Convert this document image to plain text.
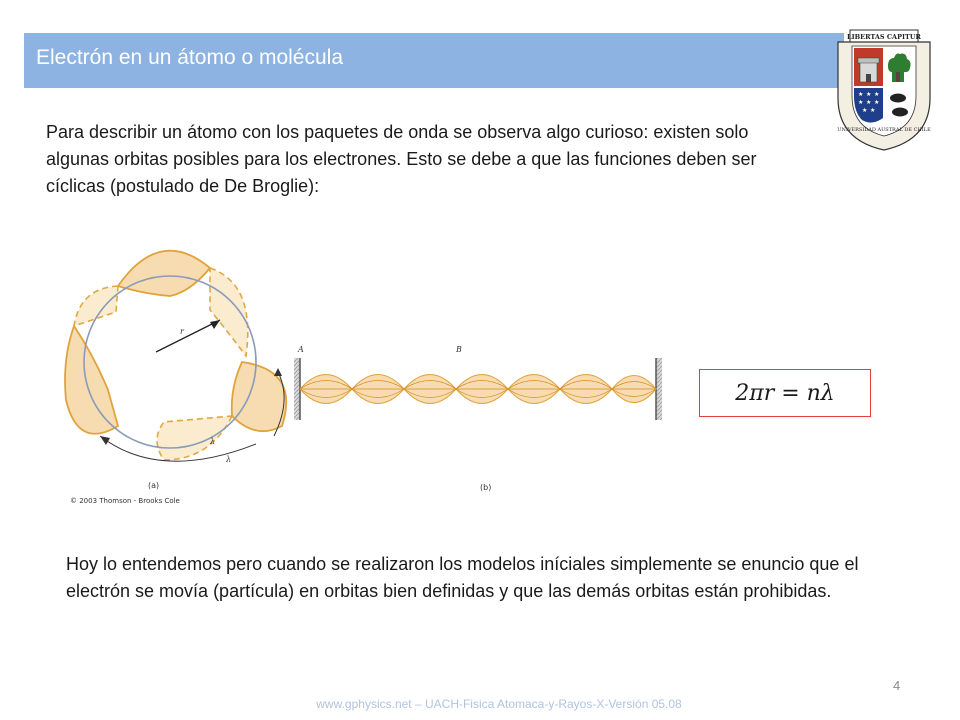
Electrón en un átomo o molécula
LIBERTAS CAPITUR
★ ★ ★
★ ★ ★
★ ★
UNIVERSIDAD AUSTRAL DE CHILE
Para describir un átomo con los paquetes de onda se observa algo curioso: existen solo algunas orbitas posibles para los electrones. Esto se debe a que las funciones deben ser cíclicas (postulado de De Broglie):
r
λ
λ
(a)
© 2003 Thomson - Brooks Cole
A	B
(b)
2πr = nλ
Hoy lo entendemos pero cuando se realizaron los modelos iníciales simplemente se enuncio que el electrón se movía (partícula) en orbitas bien definidas y que las demás orbitas están prohibidas.
4
www.gphysics.net – UACH-Fisica Atomaca-y-Rayos-X-Versión 05.08
